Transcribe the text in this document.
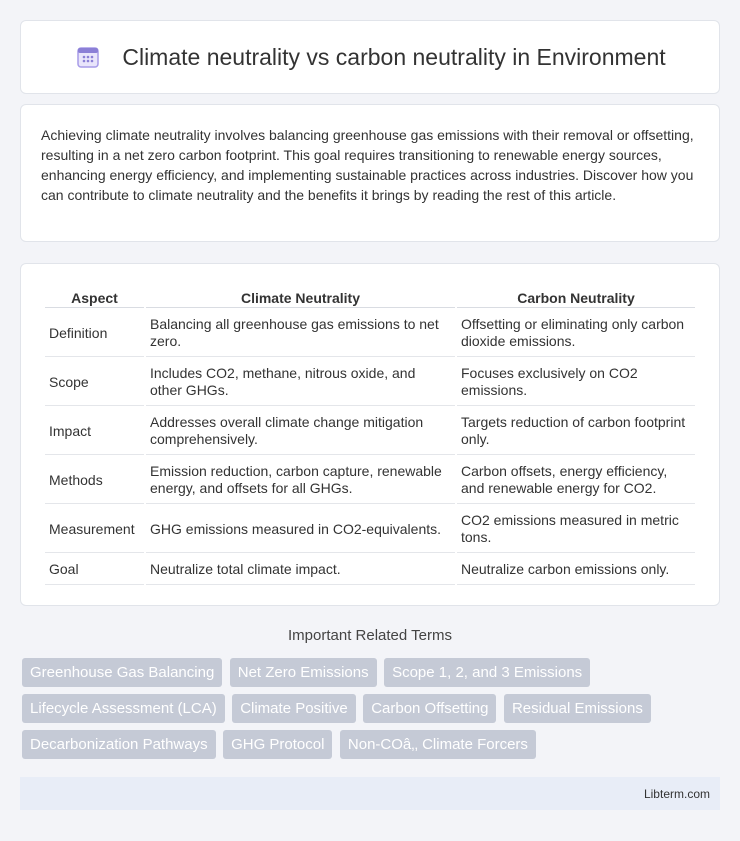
Climate neutrality vs carbon neutrality in Environment

Achieving climate neutrality involves balancing greenhouse gas emissions with their removal or offsetting, resulting in a net zero carbon footprint. This goal requires transitioning to renewable energy sources, enhancing energy efficiency, and implementing sustainable practices across industries. Discover how you can contribute to climate neutrality and the benefits it brings by reading the rest of this article.

Aspect	Climate Neutrality	Carbon Neutrality
Definition	Balancing all greenhouse gas emissions to net zero.	Offsetting or eliminating only carbon dioxide emissions.
Scope	Includes CO2, methane, nitrous oxide, and other GHGs.	Focuses exclusively on CO2 emissions.
Impact	Addresses overall climate change mitigation comprehensively.	Targets reduction of carbon footprint only.
Methods	Emission reduction, carbon capture, renewable energy, and offsets for all GHGs.	Carbon offsets, energy efficiency, and renewable energy for CO2.
Measurement	GHG emissions measured in CO2-equivalents.	CO2 emissions measured in metric tons.
Goal	Neutralize total climate impact.	Neutralize carbon emissions only.
Important Related Terms
Greenhouse Gas Balancing Net Zero Emissions Scope 1, 2, and 3 Emissions Lifecycle Assessment (LCA) Climate Positive Carbon Offsetting Residual Emissions Decarbonization Pathways GHG Protocol Non-COâ‚‚ Climate Forcers
Libterm.com
